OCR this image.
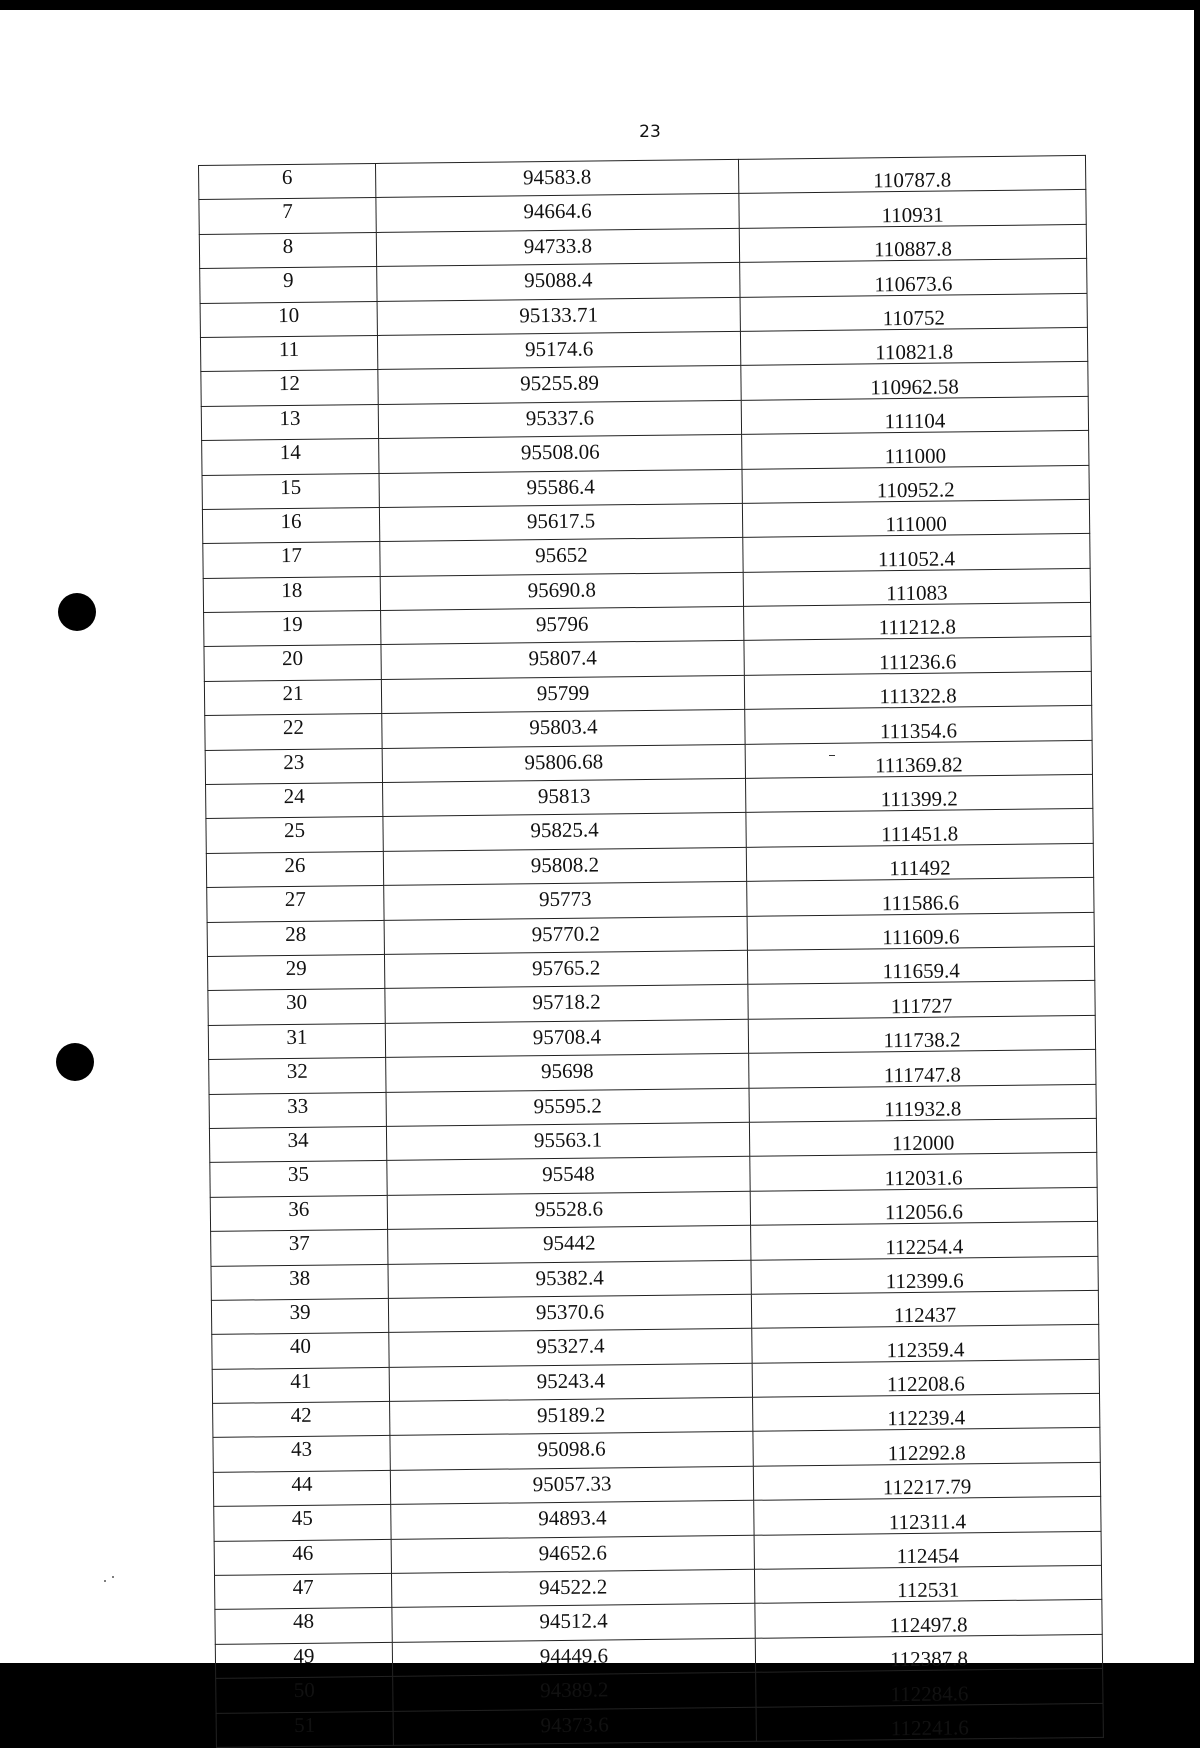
23
6	94583.8	110787.8
7	94664.6	110931
8	94733.8	110887.8
9	95088.4	110673.6
10	95133.71	110752
11	95174.6	110821.8
12	95255.89	110962.58
13	95337.6	111104
14	95508.06	111000
15	95586.4	110952.2
16	95617.5	111000
17	95652	111052.4
18	95690.8	111083
19	95796	111212.8
20	95807.4	111236.6
21	95799	111322.8
22	95803.4	111354.6
23	95806.68	111369.82
24	95813	111399.2
25	95825.4	111451.8
26	95808.2	111492
27	95773	111586.6
28	95770.2	111609.6
29	95765.2	111659.4
30	95718.2	111727
31	95708.4	111738.2
32	95698	111747.8
33	95595.2	111932.8
34	95563.1	112000
35	95548	112031.6
36	95528.6	112056.6
37	95442	112254.4
38	95382.4	112399.6
39	95370.6	112437
40	95327.4	112359.4
41	95243.4	112208.6
42	95189.2	112239.4
43	95098.6	112292.8
44	95057.33	112217.79
45	94893.4	112311.4
46	94652.6	112454
47	94522.2	112531
48	94512.4	112497.8
49	94449.6	112387.8
50	94389.2	112284.6
51	94373.6	112241.6
